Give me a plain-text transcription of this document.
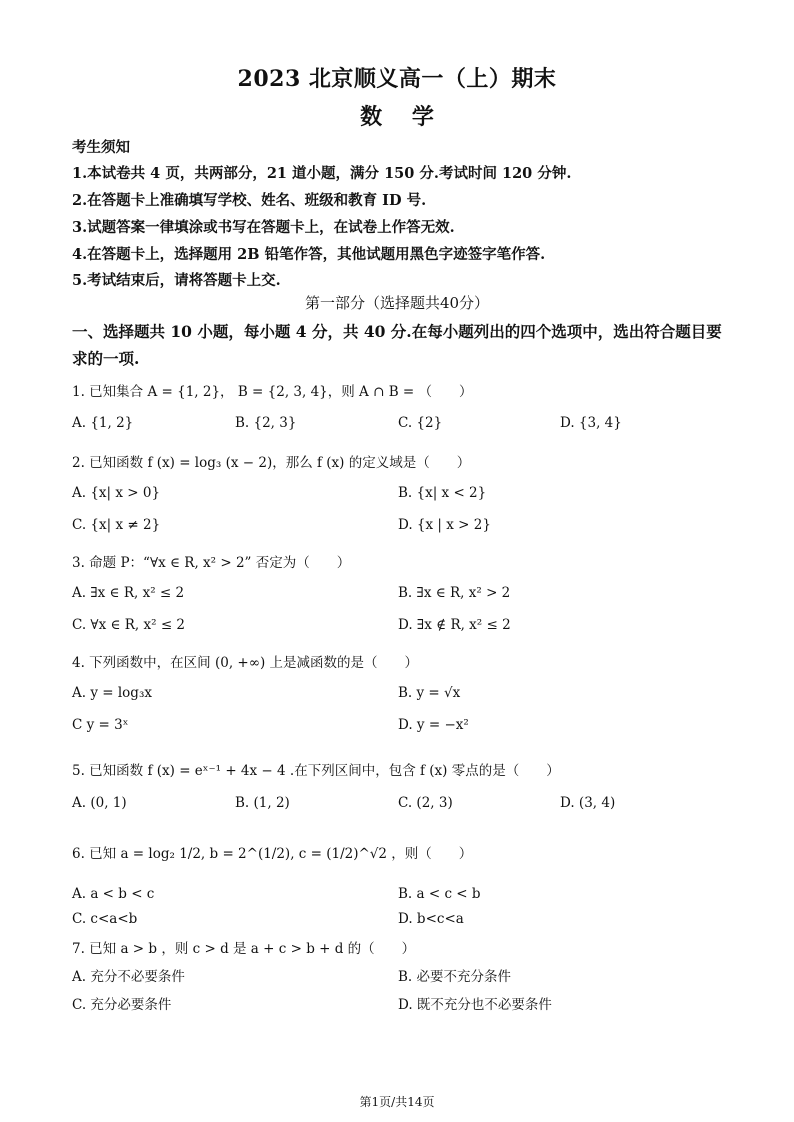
2023 北京顺义高一（上）期末
数 学
考生须知
1.本试卷共 4 页，共两部分，21 道小题，满分 150 分.考试时间 120 分钟.
2.在答题卡上准确填写学校、姓名、班级和教育 ID 号.
3.试题答案一律填涂或书写在答题卡上，在试卷上作答无效.
4.在答题卡上，选择题用 2B 铅笔作答，其他试题用黑色字迹签字笔作答.
5.考试结束后，请将答题卡上交.
第一部分（选择题共40分）
一、选择题共 10 小题，每小题 4 分，共 40 分.在每小题列出的四个选项中，选出符合题目要
求的一项.
1. 已知集合 A = {1, 2}， B = {2, 3, 4}，则 A ∩ B = （　　）
A. {1, 2}	B. {2, 3}	C. {2}	D. {3, 4}
2. 已知函数 f (x) = log₃ (x − 2)，那么 f (x) 的定义域是（　　）
A. {x| x > 0}	B. {x| x < 2}
C. {x| x ≠ 2}	D. {x | x > 2}
3. 命题 P：“∀x ∈ R, x² > 2” 否定为（　　）
A. ∃x ∈ R, x² ≤ 2	B. ∃x ∈ R, x² > 2
C. ∀x ∈ R, x² ≤ 2	D. ∃x ∉ R, x² ≤ 2
4. 下列函数中，在区间 (0, +∞) 上是减函数的是（　　）
A. y = log₃x	B. y = √x
C y = 3ˣ	D. y = −x²
5. 已知函数 f (x) = eˣ⁻¹ + 4x − 4 .在下列区间中，包含 f (x) 零点的是（　　）
A. (0, 1)	B. (1, 2)	C. (2, 3)	D. (3, 4)
6. 已知 a = log₂ 1/2, b = 2^(1/2), c = (1/2)^√2 ，则（　　）
A. a < b < c	B. a < c < b
C. c<a<b	D. b<c<a
7. 已知 a > b ，则 c > d 是 a + c > b + d 的（　　）
A. 充分不必要条件	B. 必要不充分条件
C. 充分必要条件	D. 既不充分也不必要条件
第1页/共14页
